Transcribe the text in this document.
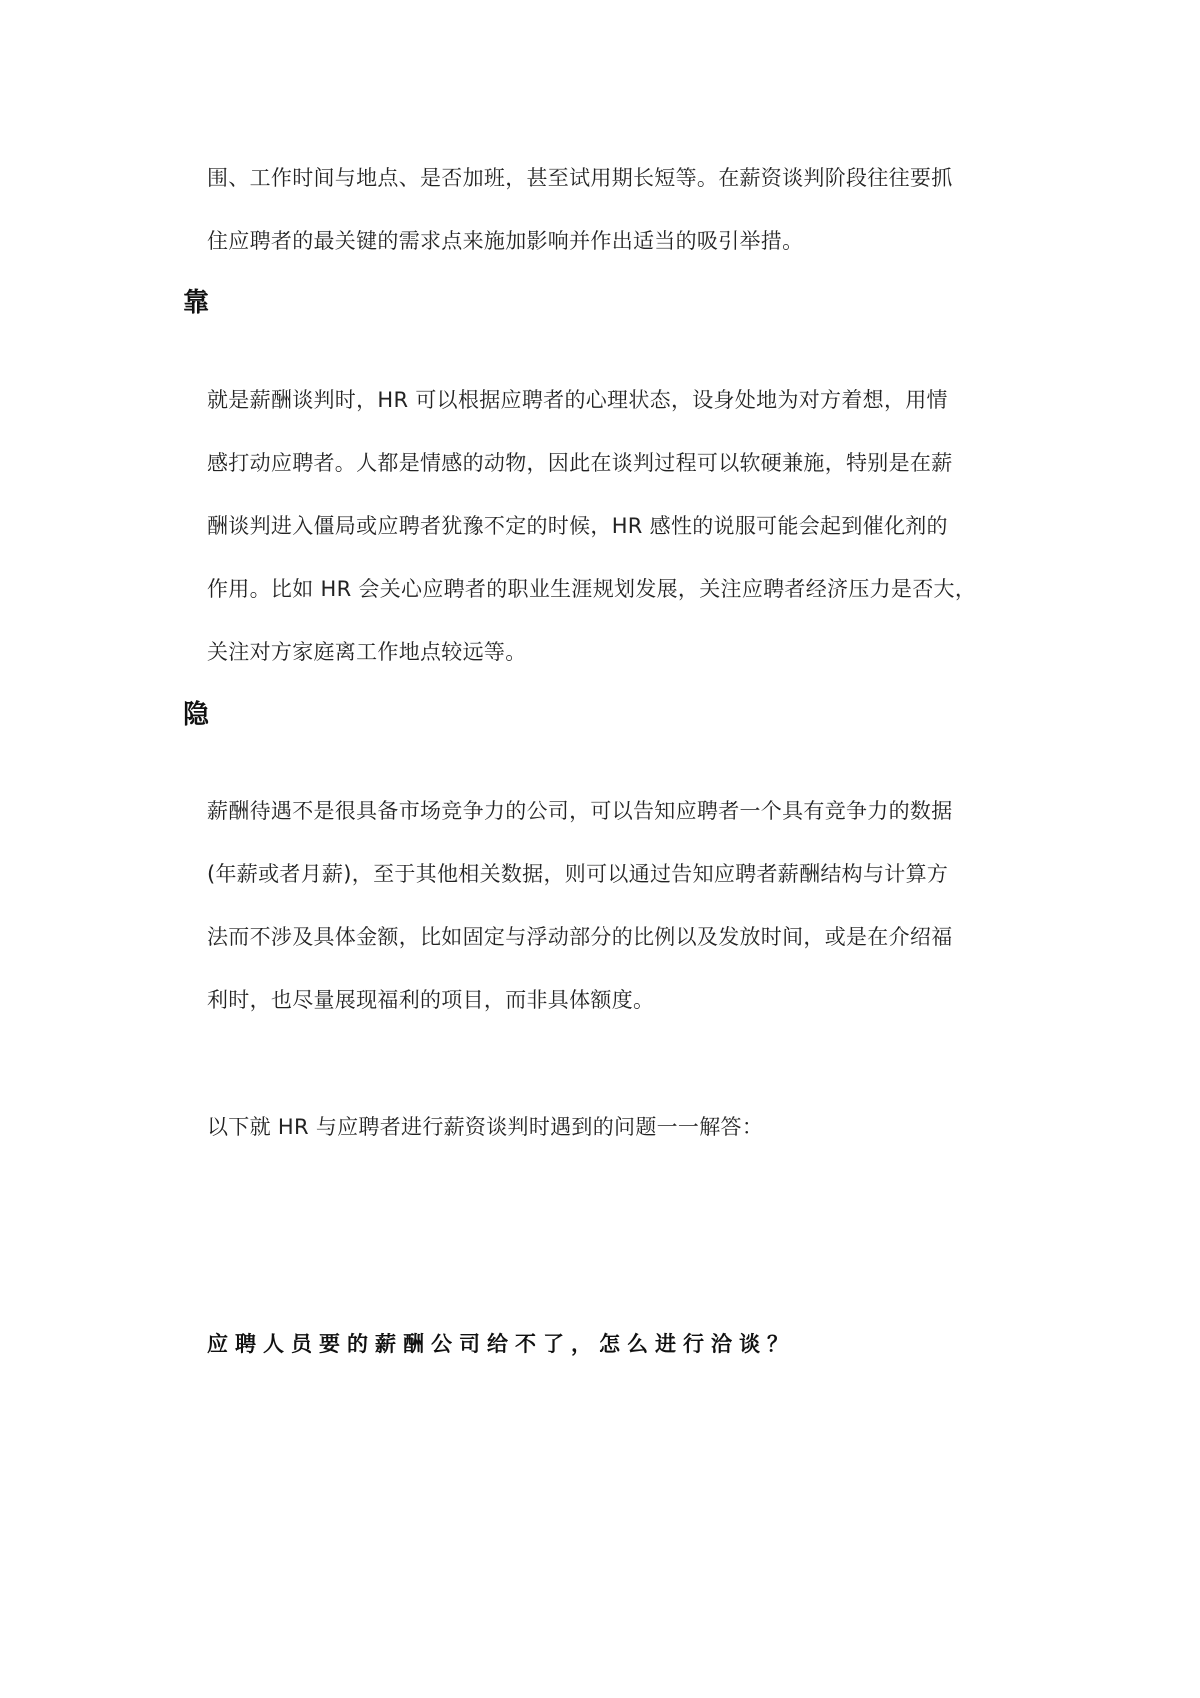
围、工作时间与地点、是否加班，甚至试用期长短等。在薪资谈判阶段往往要抓
住应聘者的最关键的需求点来施加影响并作出适当的吸引举措。
靠
就是薪酬谈判时，HR 可以根据应聘者的心理状态，设身处地为对方着想，用情
感打动应聘者。人都是情感的动物，因此在谈判过程可以软硬兼施，特别是在薪
酬谈判进入僵局或应聘者犹豫不定的时候，HR 感性的说服可能会起到催化剂的
作用。比如 HR 会关心应聘者的职业生涯规划发展，关注应聘者经济压力是否大，
关注对方家庭离工作地点较远等。
隐
薪酬待遇不是很具备市场竞争力的公司，可以告知应聘者一个具有竞争力的数据
(年薪或者月薪)，至于其他相关数据，则可以通过告知应聘者薪酬结构与计算方
法而不涉及具体金额，比如固定与浮动部分的比例以及发放时间，或是在介绍福
利时，也尽量展现福利的项目，而非具体额度。
以下就 HR 与应聘者进行薪资谈判时遇到的问题一一解答：
应聘人员要的薪酬公司给不了，怎么进行洽谈？
